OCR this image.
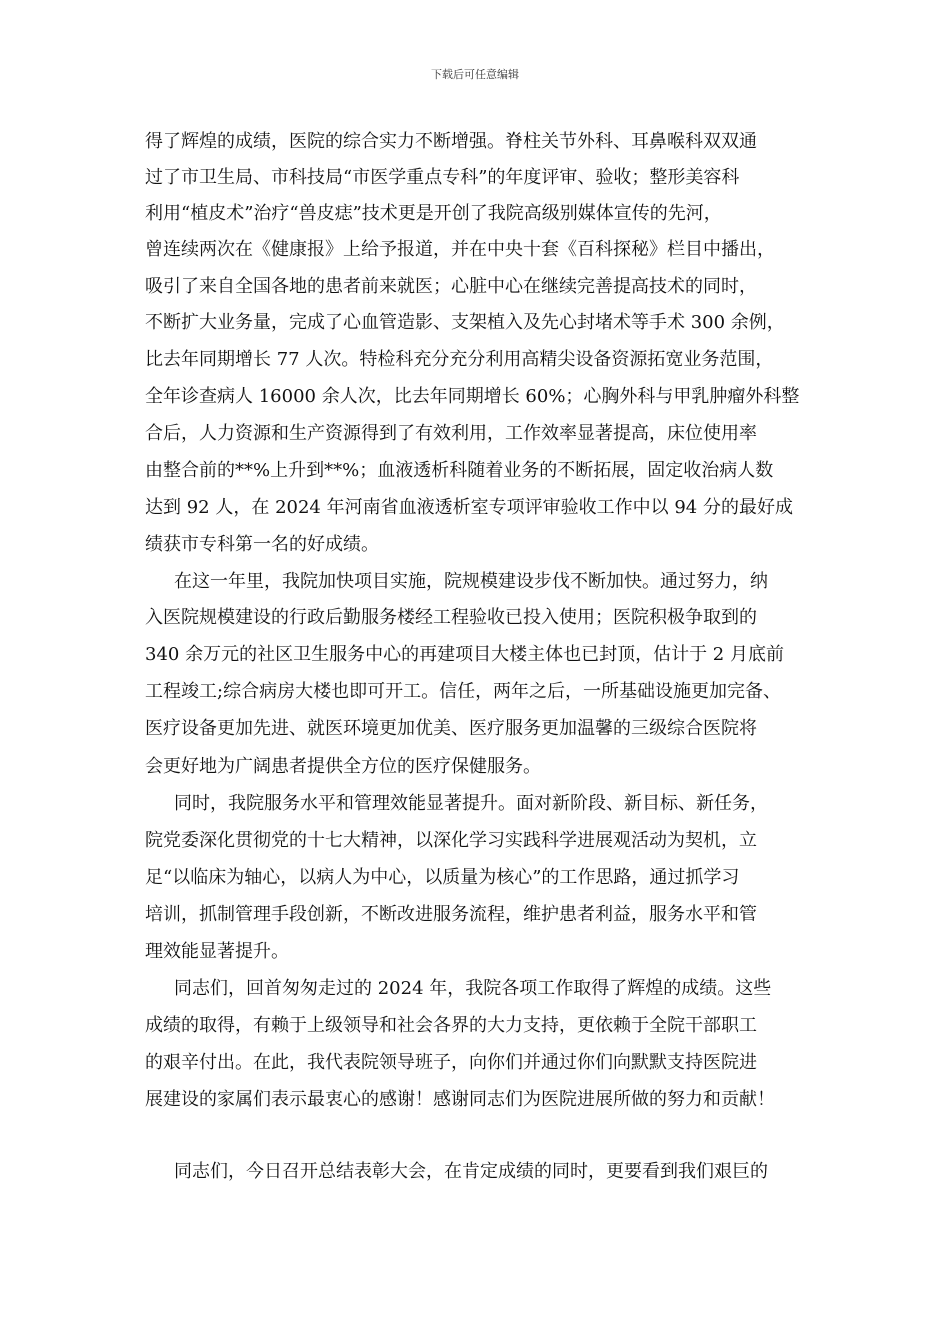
下载后可任意编辑
得了辉煌的成绩，医院的综合实力不断增强。脊柱关节外科、耳鼻喉科双双通
过了市卫生局、市科技局“市医学重点专科”的年度评审、验收；整形美容科
利用“植皮术”治疗“兽皮痣”技术更是开创了我院高级别媒体宣传的先河，
曾连续两次在《健康报》上给予报道，并在中央十套《百科探秘》栏目中播出，
吸引了来自全国各地的患者前来就医；心脏中心在继续完善提高技术的同时，
不断扩大业务量，完成了心血管造影、支架植入及先心封堵术等手术 300 余例，
比去年同期增长 77 人次。特检科充分充分利用高精尖设备资源拓宽业务范围，
全年诊查病人 16000 余人次，比去年同期增长 60%；心胸外科与甲乳肿瘤外科整
合后，人力资源和生产资源得到了有效利用，工作效率显著提高，床位使用率
由整合前的**%上升到**%；血液透析科随着业务的不断拓展，固定收治病人数
达到 92 人，在 2024 年河南省血液透析室专项评审验收工作中以 94 分的最好成
绩获市专科第一名的好成绩。
在这一年里，我院加快项目实施，院规模建设步伐不断加快。通过努力，纳
入医院规模建设的行政后勤服务楼经工程验收已投入使用；医院积极争取到的
340 余万元的社区卫生服务中心的再建项目大楼主体也已封顶，估计于 2 月底前
工程竣工;综合病房大楼也即可开工。信任，两年之后，一所基础设施更加完备、
医疗设备更加先进、就医环境更加优美、医疗服务更加温馨的三级综合医院将
会更好地为广阔患者提供全方位的医疗保健服务。
同时，我院服务水平和管理效能显著提升。面对新阶段、新目标、新任务，
院党委深化贯彻党的十七大精神，以深化学习实践科学进展观活动为契机，立
足“以临床为轴心，以病人为中心，以质量为核心”的工作思路，通过抓学习
培训，抓制管理手段创新，不断改进服务流程，维护患者利益，服务水平和管
理效能显著提升。
同志们，回首匆匆走过的 2024 年，我院各项工作取得了辉煌的成绩。这些
成绩的取得，有赖于上级领导和社会各界的大力支持，更依赖于全院干部职工
的艰辛付出。在此，我代表院领导班子，向你们并通过你们向默默支持医院进
展建设的家属们表示最衷心的感谢！感谢同志们为医院进展所做的努力和贡献！
同志们，今日召开总结表彰大会，在肯定成绩的同时，更要看到我们艰巨的
